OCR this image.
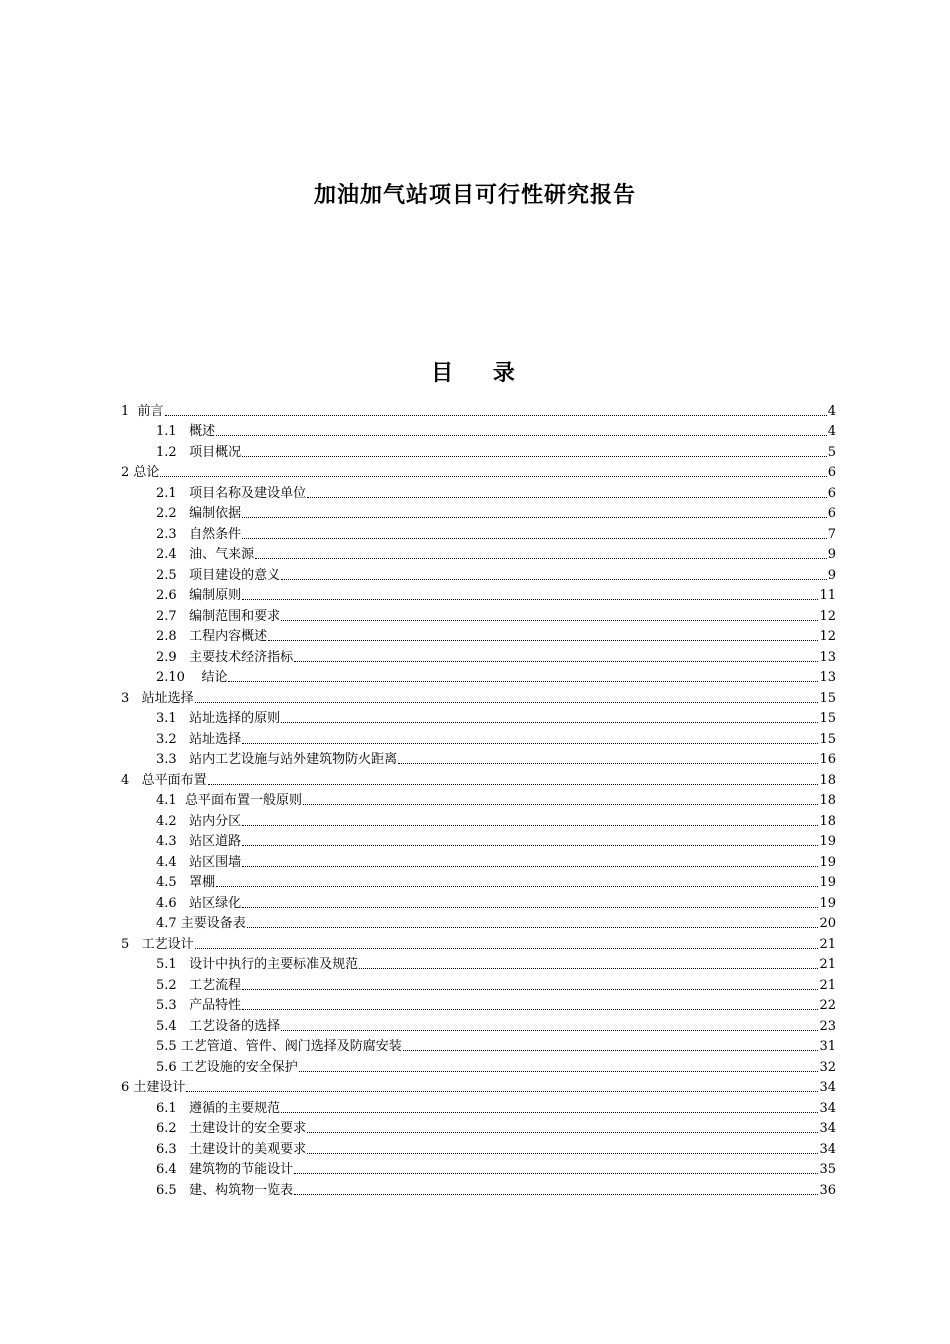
加油加气站项目可行性研究报告
目 录
1  前言	4
1.1   概述	4
1.2   项目概况	5
2 总论	6
2.1   项目名称及建设单位	6
2.2   编制依据	6
2.3   自然条件	7
2.4   油、气来源	9
2.5   项目建设的意义	9
2.6   编制原则	11
2.7   编制范围和要求	12
2.8   工程内容概述	12
2.9   主要技术经济指标	13
2.10    结论	13
3   站址选择	15
3.1   站址选择的原则	15
3.2   站址选择	15
3.3   站内工艺设施与站外建筑物防火距离	16
4   总平面布置	18
4.1  总平面布置一般原则	18
4.2   站内分区	18
4.3   站区道路	19
4.4   站区围墙	19
4.5   罩棚	19
4.6   站区绿化	19
4.7 主要设备表	20
5   工艺设计	21
5.1   设计中执行的主要标准及规范	21
5.2   工艺流程	21
5.3   产品特性	22
5.4   工艺设备的选择	23
5.5 工艺管道、管件、阀门选择及防腐安装	31
5.6 工艺设施的安全保护	32
6 土建设计	34
6.1   遵循的主要规范	34
6.2   土建设计的安全要求	34
6.3   土建设计的美观要求	34
6.4   建筑物的节能设计	35
6.5   建、构筑物一览表	36
